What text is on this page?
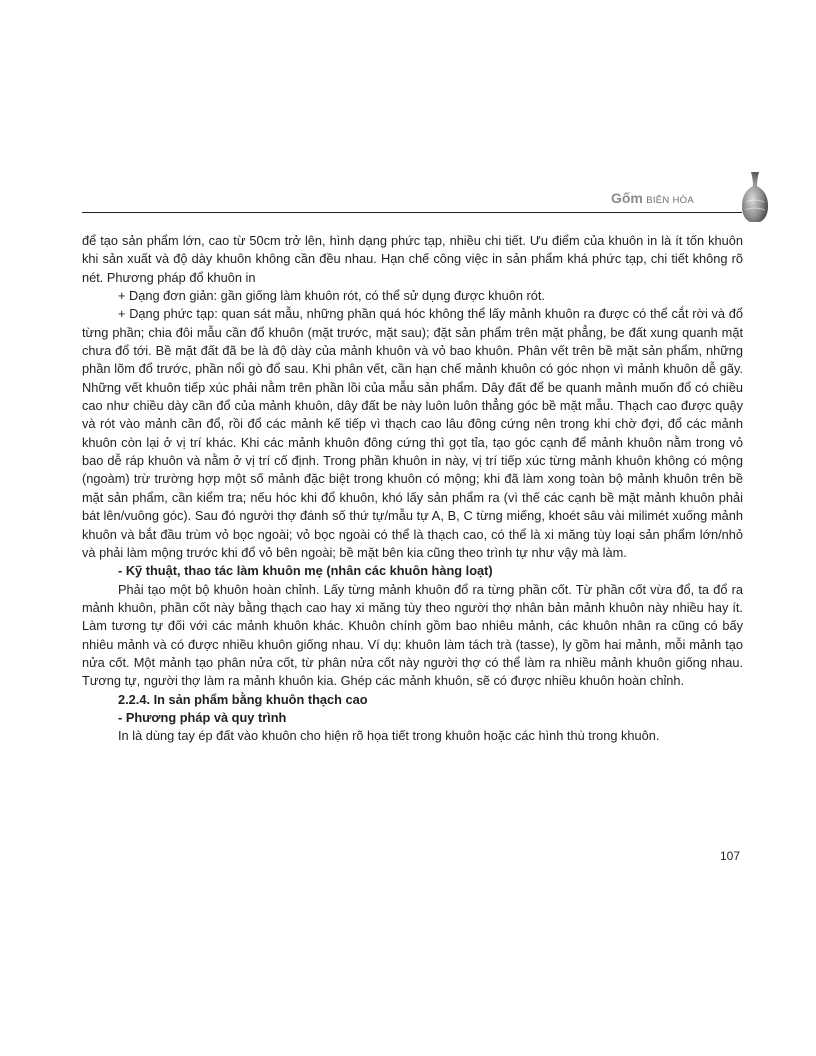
Gốm BIÊN HÒA

để tạo sản phẩm lớn, cao từ 50cm trở lên, hình dạng phức tạp, nhiều chi tiết. Ưu điểm của khuôn in là ít tốn khuôn khi sản xuất và độ dày khuôn không cần đều nhau. Hạn chế công việc in sản phẩm khá phức tạp, chi tiết không rõ nét. Phương pháp đổ khuôn in

+ Dạng đơn giản: gần giống làm khuôn rót, có thể sử dụng được khuôn rót.

+ Dạng phức tạp: quan sát mẫu, những phần quá hóc không thể lấy mảnh khuôn ra được có thể cắt rời và đổ từng phần; chia đôi mẫu cần đổ khuôn (mặt trước, mặt sau); đặt sản phẩm trên mặt phẳng, be đất xung quanh mặt chưa đổ tới. Bề mặt đất đã be là độ dày của mảnh khuôn và vỏ bao khuôn. Phân vết trên bề mặt sản phẩm, những phần lõm đổ trước, phần nổi gò đổ sau. Khi phân vết, cần hạn chế mảnh khuôn có góc nhọn vì mảnh khuôn dễ gãy. Những vết khuôn tiếp xúc phải nằm trên phần lồi của mẫu sản phẩm. Dây đất để be quanh mảnh muốn đổ có chiều cao như chiều dày cần đổ của mảnh khuôn, dây đất be này luôn luôn thẳng góc bề mặt mẫu. Thạch cao được quậy và rót vào mảnh cần đổ, rồi đổ các mảnh kế tiếp vì thạch cao lâu đông cứng nên trong khi chờ đợi, đổ các mảnh khuôn còn lại ở vị trí khác. Khi các mảnh khuôn đông cứng thì gọt tỉa, tạo góc cạnh để mảnh khuôn nằm trong vỏ bao dễ ráp khuôn và nằm ở vị trí cố định. Trong phần khuôn in này, vị trí tiếp xúc từng mảnh khuôn không có mộng (ngoàm) trừ trường hợp một số mảnh đặc biệt trong khuôn có mộng; khi đã làm xong toàn bộ mảnh khuôn trên bề mặt sản phẩm, cần kiểm tra; nếu hóc khi đổ khuôn, khó lấy sản phẩm ra (vì thế các cạnh bề mặt mảnh khuôn phải bát lên/vuông góc). Sau đó người thợ đánh số thứ tự/mẫu tự A, B, C từng miếng, khoét sâu vài milimét xuống mảnh khuôn và bắt đầu trùm vỏ bọc ngoài; vỏ bọc ngoài có thể là thạch cao, có thể là xi măng tùy loại sản phẩm lớn/nhỏ và phải làm mộng trước khi đổ vỏ bên ngoài; bề mặt bên kia cũng theo trình tự như vậy mà làm.

- Kỹ thuật, thao tác làm khuôn mẹ (nhân các khuôn hàng loạt)

Phải tạo một bộ khuôn hoàn chỉnh. Lấy từng mảnh khuôn đổ ra từng phần cốt. Từ phần cốt vừa đổ, ta đổ ra mảnh khuôn, phần cốt này bằng thạch cao hay xi măng tùy theo người thợ nhân bản mảnh khuôn này nhiều hay ít. Làm tương tự đối với các mảnh khuôn khác. Khuôn chính gồm bao nhiêu mảnh, các khuôn nhân ra cũng có bấy nhiêu mảnh và có được nhiều khuôn giống nhau. Ví dụ: khuôn làm tách trà (tasse), ly gồm hai mảnh, mỗi mảnh tạo nửa cốt. Một mảnh tạo phân nửa cốt, từ phân nửa cốt này người thợ có thể làm ra nhiều mảnh khuôn giống nhau. Tương tự, người thợ làm ra mảnh khuôn kia. Ghép các mảnh khuôn, sẽ có được nhiều khuôn hoàn chỉnh.

2.2.4. In sản phẩm bằng khuôn thạch cao

- Phương pháp và quy trình

In là dùng tay ép đất vào khuôn cho hiện rõ họa tiết trong khuôn hoặc các hình thù trong khuôn.

107
